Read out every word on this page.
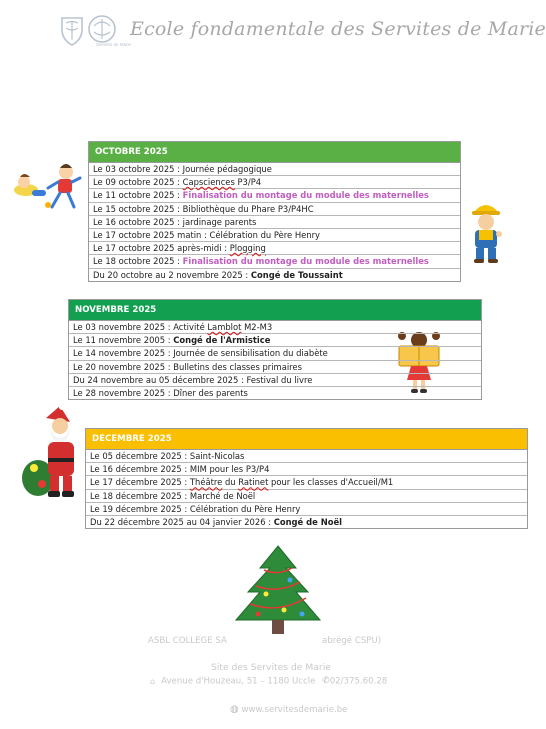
Servites de Marie
Ecole fondamentale des Servites de Marie
OCTOBRE 2025
Le 03 octobre 2025 : Journée pédagogique
Le 09 octobre 2025 : Capsciences P3/P4
Le 11 octobre 2025 : Finalisation du montage du module des maternelles
Le 15 octobre 2025 : Bibliothèque du Phare P3/P4HC
Le 16 octobre 2025 : jardinage parents
Le 17 octobre 2025 matin : Célébration du Père Henry
Le 17 octobre 2025 après-midi : Plogging
Le 18 octobre 2025 : Finalisation du montage du module des maternelles
Du 20 octobre au 2 novembre 2025 : Congé de Toussaint
NOVEMBRE 2025
Le 03 novembre 2025 : Activité Lamblot M2-M3
Le 11 novembre 2005 : Congé de l'Armistice
Le 14 novembre 2025 : Journée de sensibilisation du diabète
Le 20 novembre 2025 : Bulletins des classes primaires
Du 24 novembre au 05 décembre 2025 : Festival du livre
Le 28 novembre 2025 : Dîner des parents
DECEMBRE 2025
Le 05 décembre 2025 : Saint-Nicolas
Le 16 décembre 2025 : MIM pour les P3/P4
Le 17 décembre 2025 : Théâtre du Ratinet pour les classes d'Accueil/M1
Le 18 décembre 2025 : Marché de Noël
Le 19 décembre 2025 : Célébration du Père Henry
Du 22 décembre 2025 au 04 janvier 2026 : Congé de Noël
ASBL COLLEGE SA	abrégé CSPU)
Site des Servites de Marie
⌂ Avenue d'Houzeau, 51 – 1180 Uccle ✆02/375.60.28
◍ www.servitesdemarie.be
